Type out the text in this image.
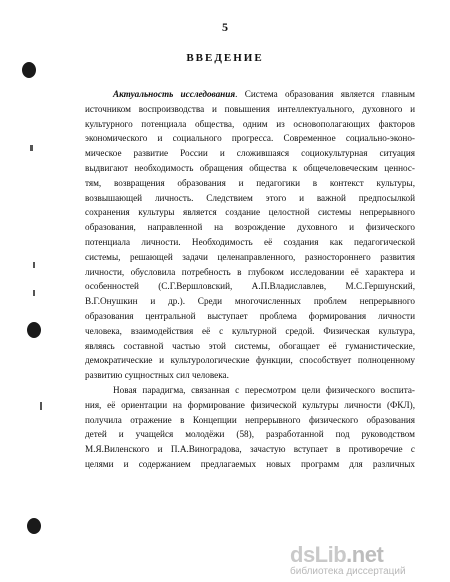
5
ВВЕДЕНИЕ

Актуальность исследования. Система образования является главным

источником воспроизводства и повышения интеллектуального, духовного и

культурного потенциала общества, одним из основополагающих факторов

экономического и социального прогресса. Современное социально-эконо-

мическое развитие России и сложившаяся социокультурная ситуация

выдвигают необходимость обращения общества к общечеловеческим ценнос-

тям, возвращения образования и педагогики в контекст культуры,

возвышающей личность. Следствием этого и важной предпосылкой

сохранения культуры является создание целостной системы непрерывного

образования, направленной на возрождение духовного и физического

потенциала личности. Необходимость её создания как педагогической

системы, решающей задачи целенаправленного, разностороннего развития

личности, обусловила потребность в глубоком исследовании её характера и

особенностей (С.Г.Вершловский, А.П.Владиславлев, М.С.Гершунский,

В.Г.Онушкин и др.). Среди многочисленных проблем непрерывного

образования центральной выступает проблема формирования личности

человека, взаимодействия её с культурной средой. Физическая культура,

являясь составной частью этой системы, обогащает её гуманистические,

демократические и культурологические функции, способствует полноценному

развитию сущностных сил человека.

Новая парадигма, связанная с пересмотром цели физического воспита-

ния, её ориентации на формирование физической культуры личности (ФКЛ),

получила отражение в Концепции непрерывного физического образования

детей и учащейся молодёжи (58), разработанной под руководством

М.Я.Виленского и П.А.Виноградова, зачастую вступает в противоречие с

целями и содержанием предлагаемых новых программ для различных

dsLib.net
библиотека диссертаций
